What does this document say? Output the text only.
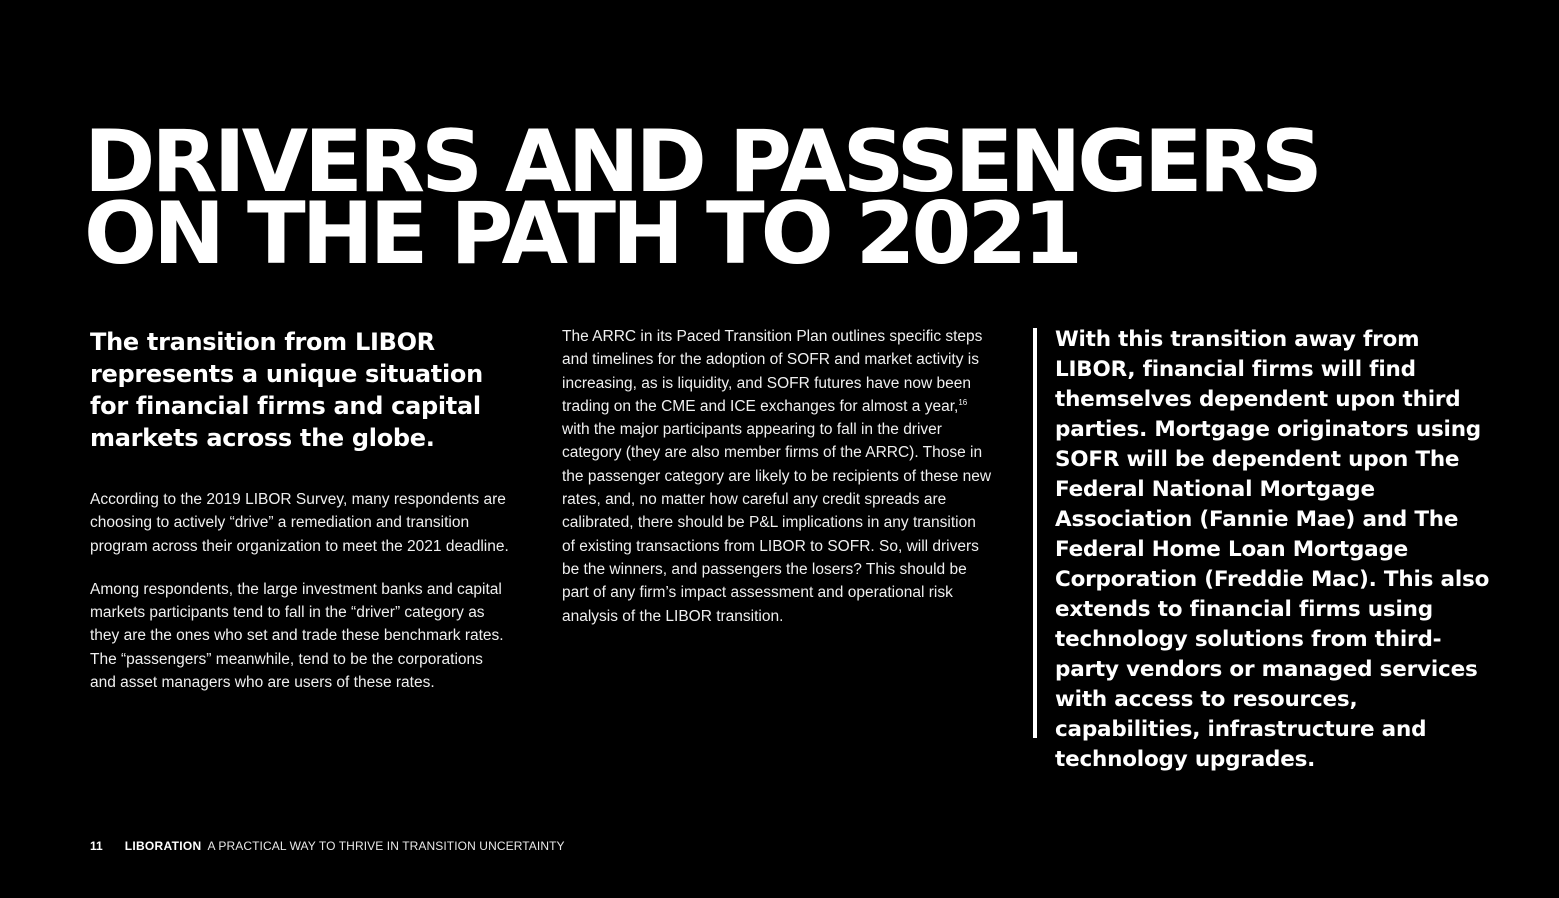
DRIVERS AND PASSENGERS
ON THE PATH TO 2021

The transition from LIBOR represents a unique situation for financial firms and capital markets across the globe.

According to the 2019 LIBOR Survey, many respondents are choosing to actively “drive” a remediation and transition program across their organization to meet the 2021 deadline.

Among respondents, the large investment banks and capital markets participants tend to fall in the “driver” category as they are the ones who set and trade these benchmark rates. The “passengers” meanwhile, tend to be the corporations and asset managers who are users of these rates.

The ARRC in its Paced Transition Plan outlines specific steps and timelines for the adoption of SOFR and market activity is increasing, as is liquidity, and SOFR futures have now been trading on the CME and ICE exchanges for almost a year,$^{16}$ with the major participants appearing to fall in the driver category (they are also member firms of the ARRC). Those in the passenger category are likely to be recipients of these new rates, and, no matter how careful any credit spreads are calibrated, there should be P&L implications in any transition of existing transactions from LIBOR to SOFR. So, will drivers be the winners, and passengers the losers? This should be part of any firm’s impact assessment and operational risk analysis of the LIBOR transition.

With this transition away from LIBOR, financial firms will find themselves dependent upon third parties. Mortgage originators using SOFR will be dependent upon The Federal National Mortgage Association (Fannie Mae) and The Federal Home Loan Mortgage Corporation (Freddie Mac). This also extends to financial firms using technology solutions from third-party vendors or managed services with access to resources, capabilities, infrastructure and technology upgrades.

11 LIBORATION A PRACTICAL WAY TO THRIVE IN TRANSITION UNCERTAINTY
